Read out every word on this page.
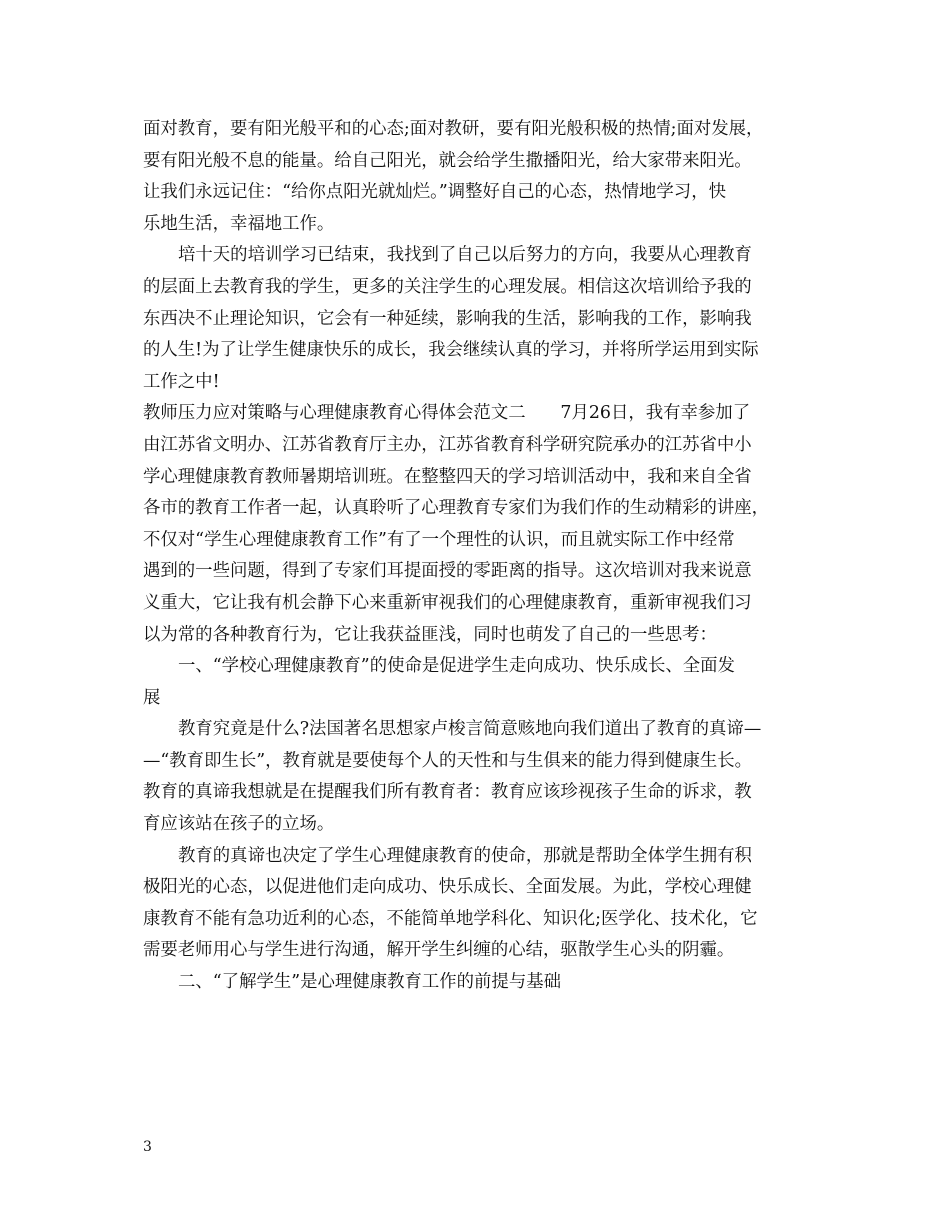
面对教育，要有阳光般平和的心态;面对教研，要有阳光般积极的热情;面对发展，
要有阳光般不息的能量。给自己阳光，就会给学生撒播阳光，给大家带来阳光。
让我们永远记住：“给你点阳光就灿烂。”调整好自己的心态，热情地学习，快
乐地生活，幸福地工作。
培十天的培训学习已结束，我找到了自己以后努力的方向，我要从心理教育
的层面上去教育我的学生，更多的关注学生的心理发展。相信这次培训给予我的
东西决不止理论知识，它会有一种延续，影响我的生活，影响我的工作，影响我
的人生!为了让学生健康快乐的成长，我会继续认真的学习，并将所学运用到实际
工作之中!
教师压力应对策略与心理健康教育心得体会范文二　　7月26日，我有幸参加了
由江苏省文明办、江苏省教育厅主办，江苏省教育科学研究院承办的江苏省中小
学心理健康教育教师暑期培训班。在整整四天的学习培训活动中，我和来自全省
各市的教育工作者一起，认真聆听了心理教育专家们为我们作的生动精彩的讲座，
不仅对“学生心理健康教育工作”有了一个理性的认识，而且就实际工作中经常
遇到的一些问题，得到了专家们耳提面授的零距离的指导。这次培训对我来说意
义重大，它让我有机会静下心来重新审视我们的心理健康教育，重新审视我们习
以为常的各种教育行为，它让我获益匪浅，同时也萌发了自己的一些思考：
一、“学校心理健康教育”的使命是促进学生走向成功、快乐成长、全面发
展
教育究竟是什么?法国著名思想家卢梭言简意赅地向我们道出了教育的真谛—
—“教育即生长”，教育就是要使每个人的天性和与生俱来的能力得到健康生长。
教育的真谛我想就是在提醒我们所有教育者：教育应该珍视孩子生命的诉求，教
育应该站在孩子的立场。
教育的真谛也决定了学生心理健康教育的使命，那就是帮助全体学生拥有积
极阳光的心态，以促进他们走向成功、快乐成长、全面发展。为此，学校心理健
康教育不能有急功近利的心态，不能简单地学科化、知识化;医学化、技术化，它
需要老师用心与学生进行沟通，解开学生纠缠的心结，驱散学生心头的阴霾。
二、“了解学生”是心理健康教育工作的前提与基础
3
